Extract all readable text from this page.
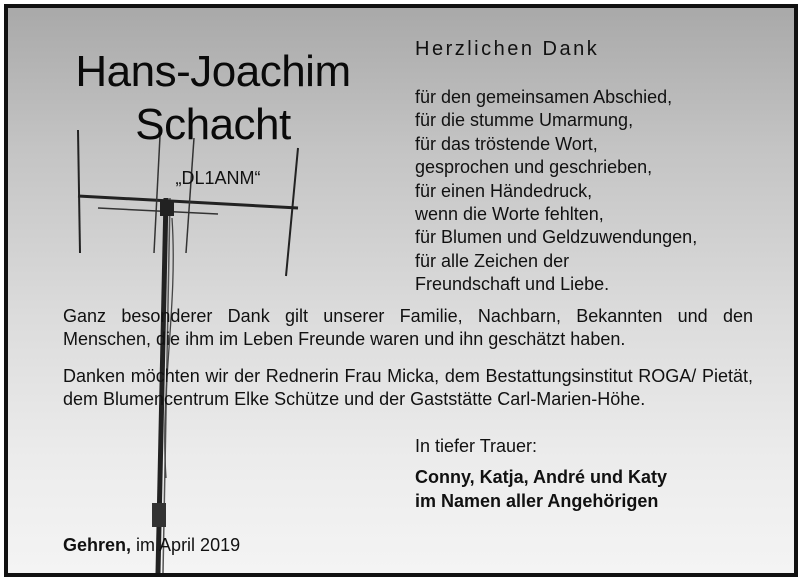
Hans-Joachim
Schacht
„DL1ANM“
Herzlichen Dank
für den gemeinsamen Abschied,
für die stumme Umarmung,
für das tröstende Wort,
gesprochen und geschrieben,
für einen Händedruck,
wenn die Worte fehlten,
für Blumen und Geldzuwendungen,
für alle Zeichen der
Freundschaft und Liebe.

Ganz besonderer Dank gilt unserer Familie, Nachbarn, Bekannten und den Menschen, die ihm im Leben Freunde waren und ihn geschätzt haben.

Danken möchten wir der Rednerin Frau Micka, dem Bestattungsinstitut ROGA/ Pietät, dem Blumencentrum Elke Schütze und der Gaststätte Carl-Marien-Höhe.

In tiefer Trauer:
Conny, Katja, André und Katy
im Namen aller Angehörigen
Gehren, im April 2019
